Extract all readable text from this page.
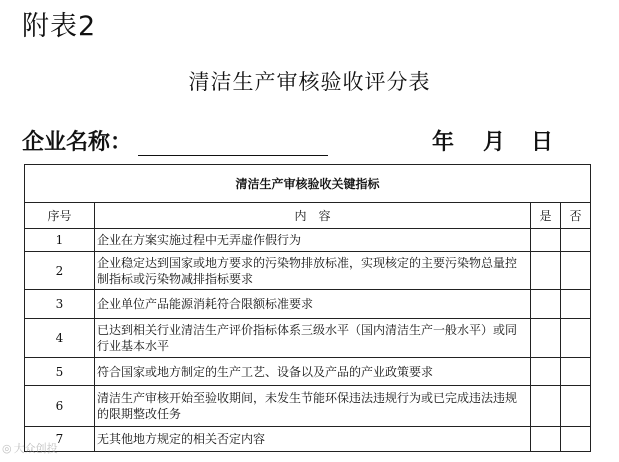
附表2
清洁生产审核验收评分表
企业名称：	年 月 日
清洁生产审核验收关键指标			
序号	内　容	是	否
1	企业在方案实施过程中无弄虚作假行为		
2	企业稳定达到国家或地方要求的污染物排放标准，实现核定的主要污染物总量控制指标或污染物减排指标要求		
3	企业单位产品能源消耗符合限额标准要求		
4	已达到相关行业清洁生产评价指标体系三级水平（国内清洁生产一般水平）或同行业基本水平		
5	符合国家或地方制定的生产工艺、设备以及产品的产业政策要求		
6	清洁生产审核开始至验收期间，未发生节能环保违法违规行为或已完成违法违规的限期整改任务		
7	无其他地方规定的相关否定内容		
◎ 大众创投
